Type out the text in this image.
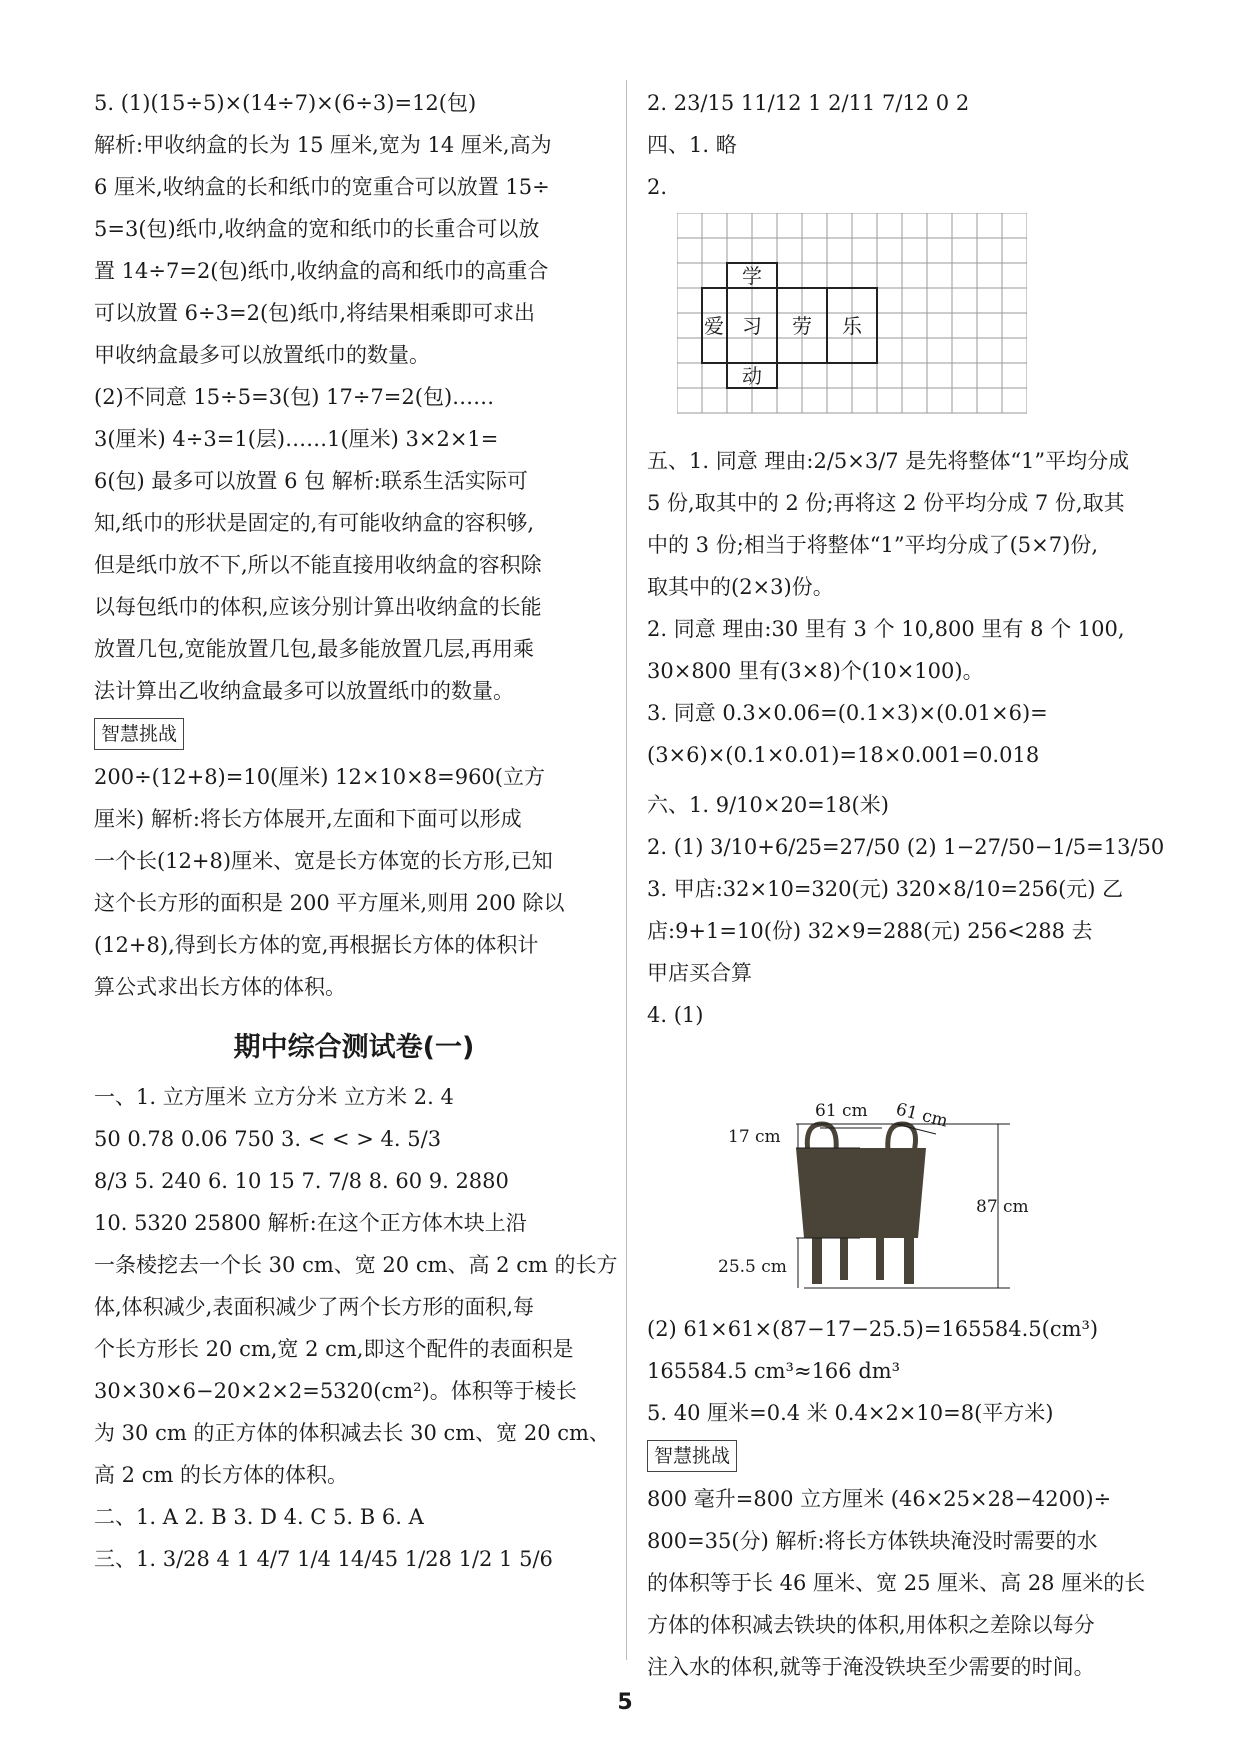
5. (1)(15÷5)×(14÷7)×(6÷3)=12(包)

解析:甲收纳盒的长为 15 厘米,宽为 14 厘米,高为

6 厘米,收纳盒的长和纸巾的宽重合可以放置 15÷

5=3(包)纸巾,收纳盒的宽和纸巾的长重合可以放

置 14÷7=2(包)纸巾,收纳盒的高和纸巾的高重合

可以放置 6÷3=2(包)纸巾,将结果相乘即可求出

甲收纳盒最多可以放置纸巾的数量。

(2)不同意 15÷5=3(包) 17÷7=2(包)……

3(厘米) 4÷3=1(层)……1(厘米) 3×2×1=

6(包) 最多可以放置 6 包 解析:联系生活实际可

知,纸巾的形状是固定的,有可能收纳盒的容积够,

但是纸巾放不下,所以不能直接用收纳盒的容积除

以每包纸巾的体积,应该分别计算出收纳盒的长能

放置几包,宽能放置几包,最多能放置几层,再用乘

法计算出乙收纳盒最多可以放置纸巾的数量。

智慧挑战

200÷(12+8)=10(厘米) 12×10×8=960(立方

厘米) 解析:将长方体展开,左面和下面可以形成

一个长(12+8)厘米、宽是长方体宽的长方形,已知

这个长方形的面积是 200 平方厘米,则用 200 除以

(12+8),得到长方体的宽,再根据长方体的体积计

算公式求出长方体的体积。

期中综合测试卷(一)

一、1. 立方厘米 立方分米 立方米 2. 4

50 0.78 0.06 750 3. < < > 4. 5/3

8/3 5. 240 6. 10 15 7. 7/8 8. 60 9. 2880

10. 5320 25800 解析:在这个正方体木块上沿

一条棱挖去一个长 30 cm、宽 20 cm、高 2 cm 的长方

体,体积减少,表面积减少了两个长方形的面积,每

个长方形长 20 cm,宽 2 cm,即这个配件的表面积是

30×30×6−20×2×2=5320(cm²)。体积等于棱长

为 30 cm 的正方体的体积减去长 30 cm、宽 20 cm、

高 2 cm 的长方体的体积。

二、1. A 2. B 3. D 4. C 5. B 6. A

三、1. 3/28 4 1 4/7 1/4 14/45 1/28 1/2 1 5/6

2. 23/15 11/12 1 2/11 7/12 0 2

四、1. 略

2.

学
爱 习 劳 乐
动

五、1. 同意 理由:2/5×3/7 是先将整体“1”平均分成

5 份,取其中的 2 份;再将这 2 份平均分成 7 份,取其

中的 3 份;相当于将整体“1”平均分成了(5×7)份,

取其中的(2×3)份。

2. 同意 理由:30 里有 3 个 10,800 里有 8 个 100,

30×800 里有(3×8)个(10×100)。

3. 同意 0.3×0.06=(0.1×3)×(0.01×6)=

(3×6)×(0.1×0.01)=18×0.001=0.018

六、1. 9/10×20=18(米)

2. (1) 3/10+6/25=27/50 (2) 1−27/50−1/5=13/50

3. 甲店:32×10=320(元) 320×8/10=256(元) 乙

店:9+1=10(份) 32×9=288(元) 256<288 去

甲店买合算

4. (1)

61 cm 61 cm
17 cm
87 cm
25.5 cm

(2) 61×61×(87−17−25.5)=165584.5(cm³)

165584.5 cm³≈166 dm³

5. 40 厘米=0.4 米 0.4×2×10=8(平方米)

智慧挑战

800 毫升=800 立方厘米 (46×25×28−4200)÷

800=35(分) 解析:将长方体铁块淹没时需要的水

的体积等于长 46 厘米、宽 25 厘米、高 28 厘米的长

方体的体积减去铁块的体积,用体积之差除以每分

注入水的体积,就等于淹没铁块至少需要的时间。

5
